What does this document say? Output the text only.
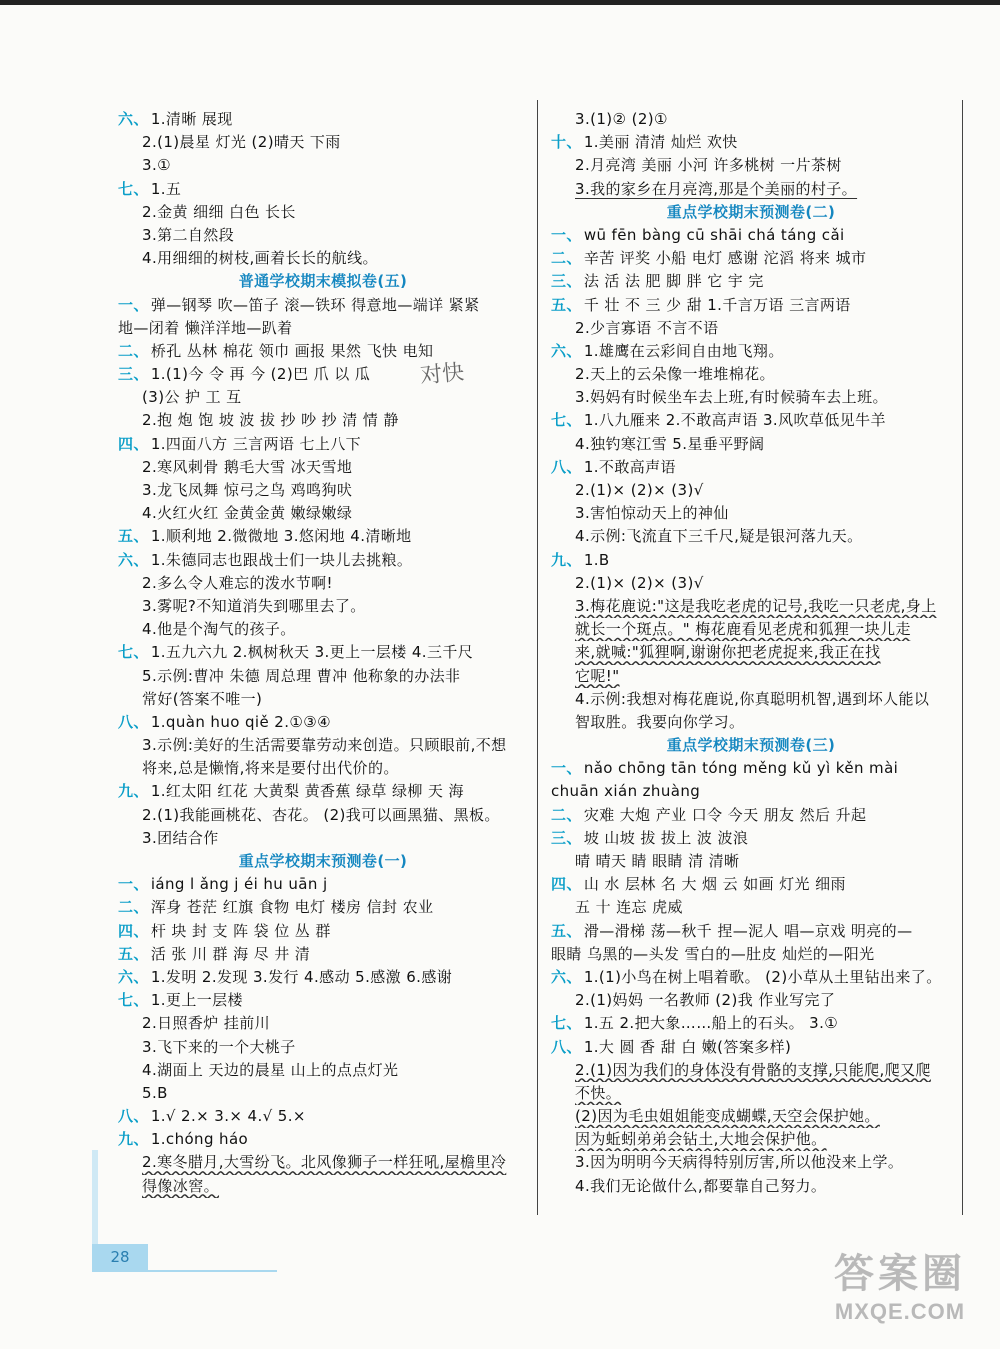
六、 1.清晰 展现
2.(1)晨星 灯光 (2)晴天 下雨
3.①
七、 1.五
2.金黄 细细 白色 长长
3.第二自然段
4.用细细的树枝,画着长长的航线。
普通学校期末模拟卷(五)
一、 弹—钢琴 吹—笛子 滚—铁环 得意地—端详 紧紧
地—闭着 懒洋洋地—趴着
二、 桥孔 丛林 棉花 领巾 画报 果然 飞快 电知
三、 1.(1)今 令 再 今 (2)巴 爪 以 瓜
(3)公 护 工 互
2.抱 炮 饱 坡 波 拔 抄 吵 抄 清 情 静
四、 1.四面八方 三言两语 七上八下
2.寒风刺骨 鹅毛大雪 冰天雪地
3.龙飞凤舞 惊弓之鸟 鸡鸣狗吠
4.火红火红 金黄金黄 嫩绿嫩绿
五、 1.顺利地 2.微微地 3.悠闲地 4.清晰地
六、 1.朱德同志也跟战士们一块儿去挑粮。
2.多么令人难忘的泼水节啊!
3.雾呢?不知道消失到哪里去了。
4.他是个淘气的孩子。
七、 1.五九六九 2.枫树秋天 3.更上一层楼 4.三千尺
5.示例:曹冲 朱德 周总理 曹冲 他称象的办法非
常好(答案不唯一)
八、 1.quàn huo qiě 2.①③④
3.示例:美好的生活需要靠劳动来创造。只顾眼前,不想
将来,总是懒惰,将来是要付出代价的。
九、 1.红太阳 红花 大黄梨 黄香蕉 绿草 绿柳 天 海
2.(1)我能画桃花、杏花。 (2)我可以画黑猫、黑板。
3.团结合作
重点学校期末预测卷(一)
一、 iáng l ǎng j éi hu uān j
二、 浑身 苍茫 红旗 食物 电灯 楼房 信封 农业
四、 杆 块 封 支 阵 袋 位 丛 群
五、 活 张 川 群 海 尽 井 清
六、 1.发明 2.发现 3.发行 4.感动 5.感激 6.感谢
七、 1.更上一层楼
2.日照香炉 挂前川
3.飞下来的一个大桃子
4.湖面上 天边的晨星 山上的点点灯光
5.B
八、 1.√ 2.× 3.× 4.√ 5.×
九、 1.chóng háo
2.寒冬腊月,大雪纷飞。北风像狮子一样狂吼,屋檐里冷
得像冰窖。
3.(1)② (2)①
十、 1.美丽 清清 灿烂 欢快
2.月亮湾 美丽 小河 许多桃树 一片茶树
3.我的家乡在月亮湾,那是个美丽的村子。
重点学校期末预测卷(二)
一、 wū fēn bàng cū shāi chá táng cǎi
二、 辛苦 评奖 小船 电灯 感谢 沱滔 将来 城市
三、 法 活 法 肥 脚 胖 它 宇 完
五、 千 壮 不 三 少 甜 1.千言万语 三言两语
2.少言寡语 不言不语
六、 1.雄鹰在云彩间自由地飞翔。
2.天上的云朵像一堆堆棉花。
3.妈妈有时候坐车去上班,有时候骑车去上班。
七、 1.八九雁来 2.不敢高声语 3.风吹草低见牛羊
4.独钓寒江雪 5.星垂平野阔
八、 1.不敢高声语
2.(1)× (2)× (3)√
3.害怕惊动天上的神仙
4.示例:飞流直下三千尺,疑是银河落九天。
九、 1.B
2.(1)× (2)× (3)√
3.梅花鹿说:"这是我吃老虎的记号,我吃一只老虎,身上
就长一个斑点。" 梅花鹿看见老虎和狐狸一块儿走
来,就喊:"狐狸啊,谢谢你把老虎捉来,我正在找
它呢!"
4.示例:我想对梅花鹿说,你真聪明机智,遇到坏人能以
智取胜。我要向你学习。
重点学校期末预测卷(三)
一、 nǎo chōng tān tóng měng kǔ yì kěn mài
chuān xián zhuàng
二、 灾难 大炮 产业 口令 今天 朋友 然后 升起
三、 坡 山坡 拔 拔上 波 波浪
晴 晴天 睛 眼睛 清 清晰
四、 山 水 层林 名 大 烟 云 如画 灯光 细雨
五 十 连忘 虎威
五、 滑—滑梯 荡—秋千 捏—泥人 唱—京戏 明亮的—
眼睛 乌黑的—头发 雪白的—肚皮 灿烂的—阳光
六、 1.(1)小鸟在树上唱着歌。 (2)小草从土里钻出来了。
2.(1)妈妈 一名教师 (2)我 作业写完了
七、 1.五 2.把大象……船上的石头。 3.①
八、 1.大 圆 香 甜 白 嫩(答案多样)
2.(1)因为我们的身体没有骨骼的支撑,只能爬,爬又爬
不快。
(2)因为毛虫姐姐能变成蝴蝶,天空会保护她。
因为蚯蚓弟弟会钻土,大地会保护他。
3.因为明明今天病得特别厉害,所以他没来上学。
4.我们无论做什么,都要靠自己努力。
对快
28	答案圈
MXQE.COM
